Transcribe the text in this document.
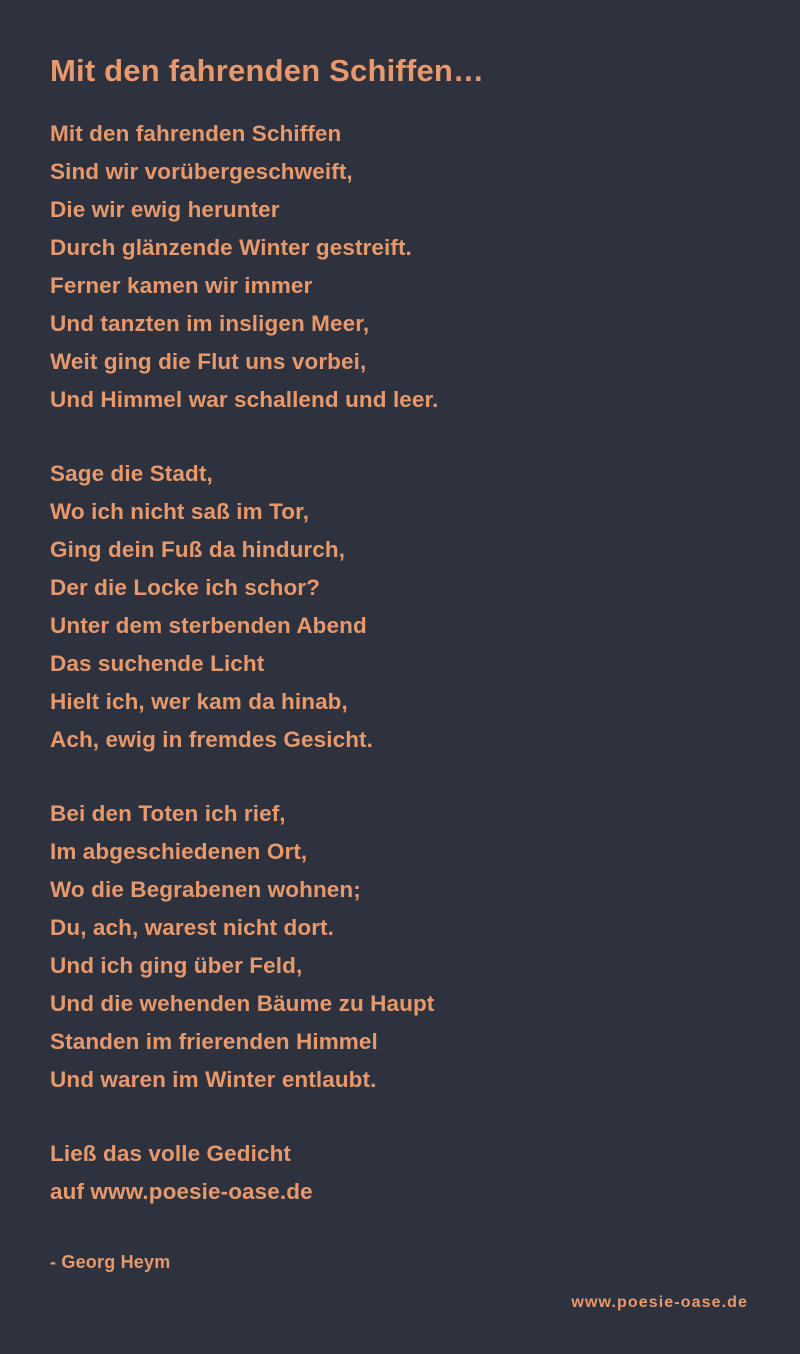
Mit den fahrenden Schiffen…
Mit den fahrenden Schiffen
Sind wir vorübergeschweift,
Die wir ewig herunter
Durch glänzende Winter gestreift.
Ferner kamen wir immer
Und tanzten im insligen Meer,
Weit ging die Flut uns vorbei,
Und Himmel war schallend und leer.
Sage die Stadt,
Wo ich nicht saß im Tor,
Ging dein Fuß da hindurch,
Der die Locke ich schor?
Unter dem sterbenden Abend
Das suchende Licht
Hielt ich, wer kam da hinab,
Ach, ewig in fremdes Gesicht.
Bei den Toten ich rief,
Im abgeschiedenen Ort,
Wo die Begrabenen wohnen;
Du, ach, warest nicht dort.
Und ich ging über Feld,
Und die wehenden Bäume zu Haupt
Standen im frierenden Himmel
Und waren im Winter entlaubt.
Ließ das volle Gedicht
auf www.poesie-oase.de
- Georg Heym
www.poesie-oase.de
